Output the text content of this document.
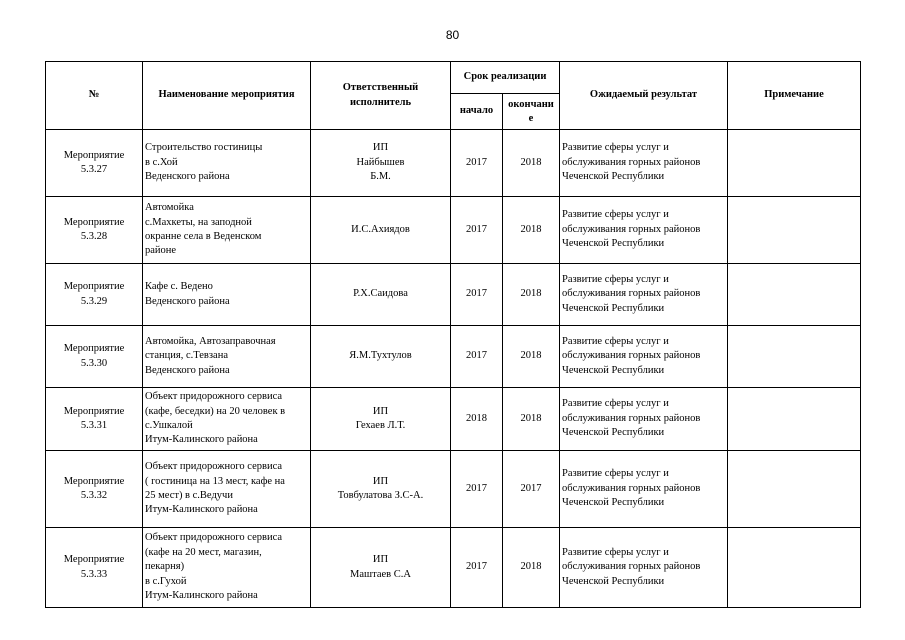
80
№	Наименование мероприятия	Ответственный
исполнитель	Срок реализации		Ожидаемый результат	Примечание
			начало	окончани
е		
Мероприятие
5.3.27	Строительство гостиницы
в с.Хой
Веденского района	ИП
Найбышев
Б.М.	2017	2018	Развитие сферы услуг и
обслуживания горных районов
Чеченской Республики	
Мероприятие
5.3.28	Автомойка
с.Махкеты, на заподной
окранне села в Веденском
районе	И.С.Ахиядов	2017	2018	Развитие сферы услуг и
обслуживания горных районов
Чеченской Республики	
Мероприятие
5.3.29	Кафе с. Ведено
Веденского района	Р.Х.Саидова	2017	2018	Развитие сферы услуг и
обслуживания горных районов
Чеченской Республики	
Мероприятие
5.3.30	Автомойка, Автозаправочная
станция, с.Тевзана
Веденского района	Я.М.Тухтулов	2017	2018	Развитие сферы услуг и
обслуживания горных районов
Чеченской Республики	
Мероприятие
5.3.31	Объект придорожного сервиса
(кафе, беседки) на 20 человек в
с.Ушкалой
Итум-Калинского района	ИП
Гехаев Л.Т.	2018	2018	Развитие сферы услуг и
обслуживания горных районов
Чеченской Республики	
Мероприятие
5.3.32	Объект придорожного сервиса
( гостиница на 13 мест, кафе на
25 мест) в с.Ведучи
Итум-Калинского района	ИП
Товбулатова З.С-А.	2017	2017	Развитие сферы услуг и
обслуживания горных районов
Чеченской Республики	
Мероприятие
5.3.33	Объект придорожного сервиса
(кафе на 20 мест, магазин,
пекарня)
в с.Гухой
Итум-Калинского района	ИП
Маштаев С.А	2017	2018	Развитие сферы услуг и
обслуживания горных районов
Чеченской Республики	
